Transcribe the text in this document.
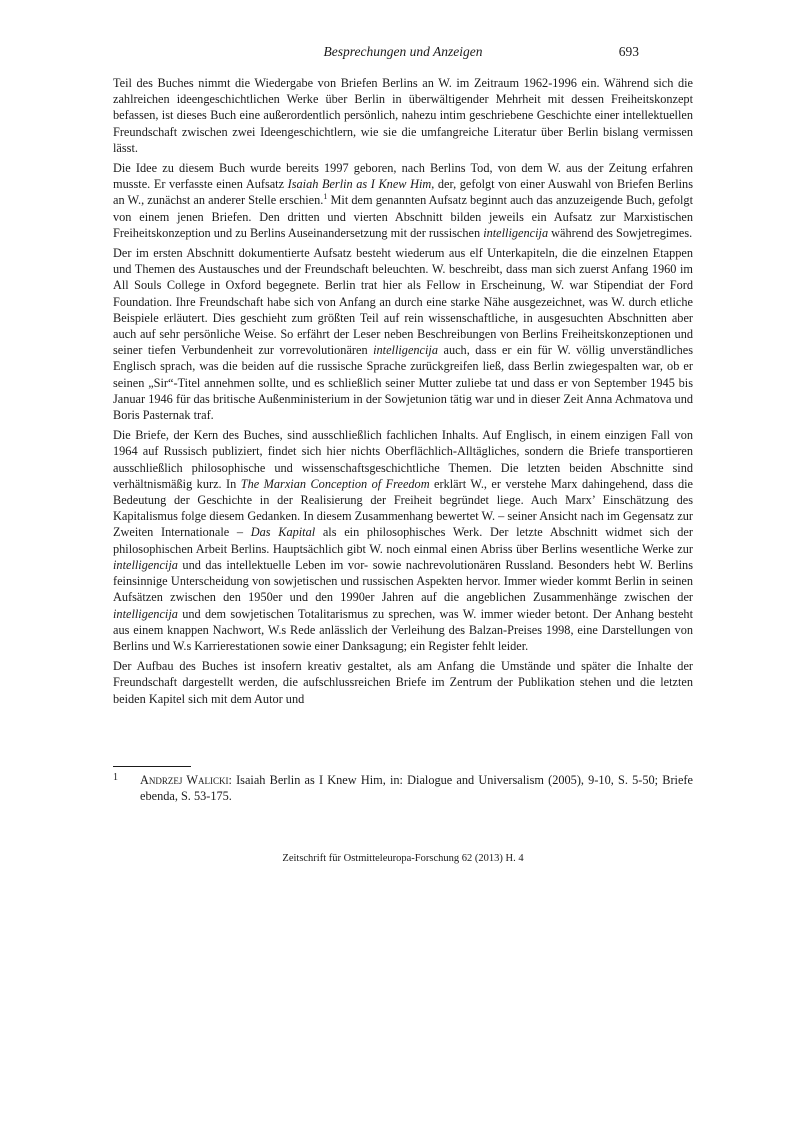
Besprechungen und Anzeigen	693

Teil des Buches nimmt die Wiedergabe von Briefen Berlins an W. im Zeitraum 1962-1996 ein. Während sich die zahlreichen ideengeschichtlichen Werke über Berlin in überwältigender Mehrheit mit dessen Freiheitskonzept befassen, ist dieses Buch eine außerordentlich persönlich, nahezu intim geschriebene Geschichte einer intellektuellen Freundschaft zwischen zwei Ideengeschichtlern, wie sie die umfangreiche Literatur über Berlin bislang vermissen lässt.

Die Idee zu diesem Buch wurde bereits 1997 geboren, nach Berlins Tod, von dem W. aus der Zeitung erfahren musste. Er verfasste einen Aufsatz Isaiah Berlin as I Knew Him, der, gefolgt von einer Auswahl von Briefen Berlins an W., zunächst an anderer Stelle erschien.$^1$ Mit dem genannten Aufsatz beginnt auch das anzuzeigende Buch, gefolgt von einem jenen Briefen. Den dritten und vierten Abschnitt bilden jeweils ein Aufsatz zur Marxistischen Freiheitskonzeption und zu Berlins Auseinandersetzung mit der russischen intelligencija während des Sowjetregimes.

Der im ersten Abschnitt dokumentierte Aufsatz besteht wiederum aus elf Unterkapiteln, die die einzelnen Etappen und Themen des Austausches und der Freundschaft beleuchten. W. beschreibt, dass man sich zuerst Anfang 1960 im All Souls College in Oxford begegnete. Berlin trat hier als Fellow in Erscheinung, W. war Stipendiat der Ford Foundation. Ihre Freundschaft habe sich von Anfang an durch eine starke Nähe ausgezeichnet, was W. durch etliche Beispiele erläutert. Dies geschieht zum größten Teil auf rein wissenschaftliche, in ausgesuchten Abschnitten aber auch auf sehr persönliche Weise. So erfährt der Leser neben Beschreibungen von Berlins Freiheitskonzeptionen und seiner tiefen Verbundenheit zur vorrevolutionären intelligencija auch, dass er ein für W. völlig unverständliches Englisch sprach, was die beiden auf die russische Sprache zurückgreifen ließ, dass Berlin zwiegespalten war, ob er seinen „Sir“-Titel annehmen sollte, und es schließlich seiner Mutter zuliebe tat und dass er von September 1945 bis Januar 1946 für das britische Außenministerium in der Sowjetunion tätig war und in dieser Zeit Anna Achmatova und Boris Pasternak traf.

Die Briefe, der Kern des Buches, sind ausschließlich fachlichen Inhalts. Auf Englisch, in einem einzigen Fall von 1964 auf Russisch publiziert, findet sich hier nichts Oberflächlich-Alltägliches, sondern die Briefe transportieren ausschließlich philosophische und wissenschaftsgeschichtliche Themen. Die letzten beiden Abschnitte sind verhältnismäßig kurz. In The Marxian Conception of Freedom erklärt W., er verstehe Marx dahingehend, dass die Bedeutung der Geschichte in der Realisierung der Freiheit begründet liege. Auch Marx’ Einschätzung des Kapitalismus folge diesem Gedanken. In diesem Zusammenhang bewertet W. – seiner Ansicht nach im Gegensatz zur Zweiten Internationale – Das Kapital als ein philosophisches Werk. Der letzte Abschnitt widmet sich der philosophischen Arbeit Berlins. Hauptsächlich gibt W. noch einmal einen Abriss über Berlins wesentliche Werke zur intelligencija und das intellektuelle Leben im vor- sowie nachrevolutionären Russland. Besonders hebt W. Berlins feinsinnige Unterscheidung von sowjetischen und russischen Aspekten hervor. Immer wieder kommt Berlin in seinen Aufsätzen zwischen den 1950er und den 1990er Jahren auf die angeblichen Zusammenhänge zwischen der intelligencija und dem sowjetischen Totalitarismus zu sprechen, was W. immer wieder betont. Der Anhang besteht aus einem knappen Nachwort, W.s Rede anlässlich der Verleihung des Balzan-Preises 1998, eine Darstellungen von Berlins und W.s Karrierestationen sowie einer Danksagung; ein Register fehlt leider.

Der Aufbau des Buches ist insofern kreativ gestaltet, als am Anfang die Umstände und später die Inhalte der Freundschaft dargestellt werden, die aufschlussreichen Briefe im Zentrum der Publikation stehen und die letzten beiden Kapitel sich mit dem Autor und

1 Andrzej Walicki: Isaiah Berlin as I Knew Him, in: Dialogue and Universalism (2005), 9-10, S. 5-50; Briefe ebenda, S. 53-175.
Zeitschrift für Ostmitteleuropa-Forschung 62 (2013) H. 4
